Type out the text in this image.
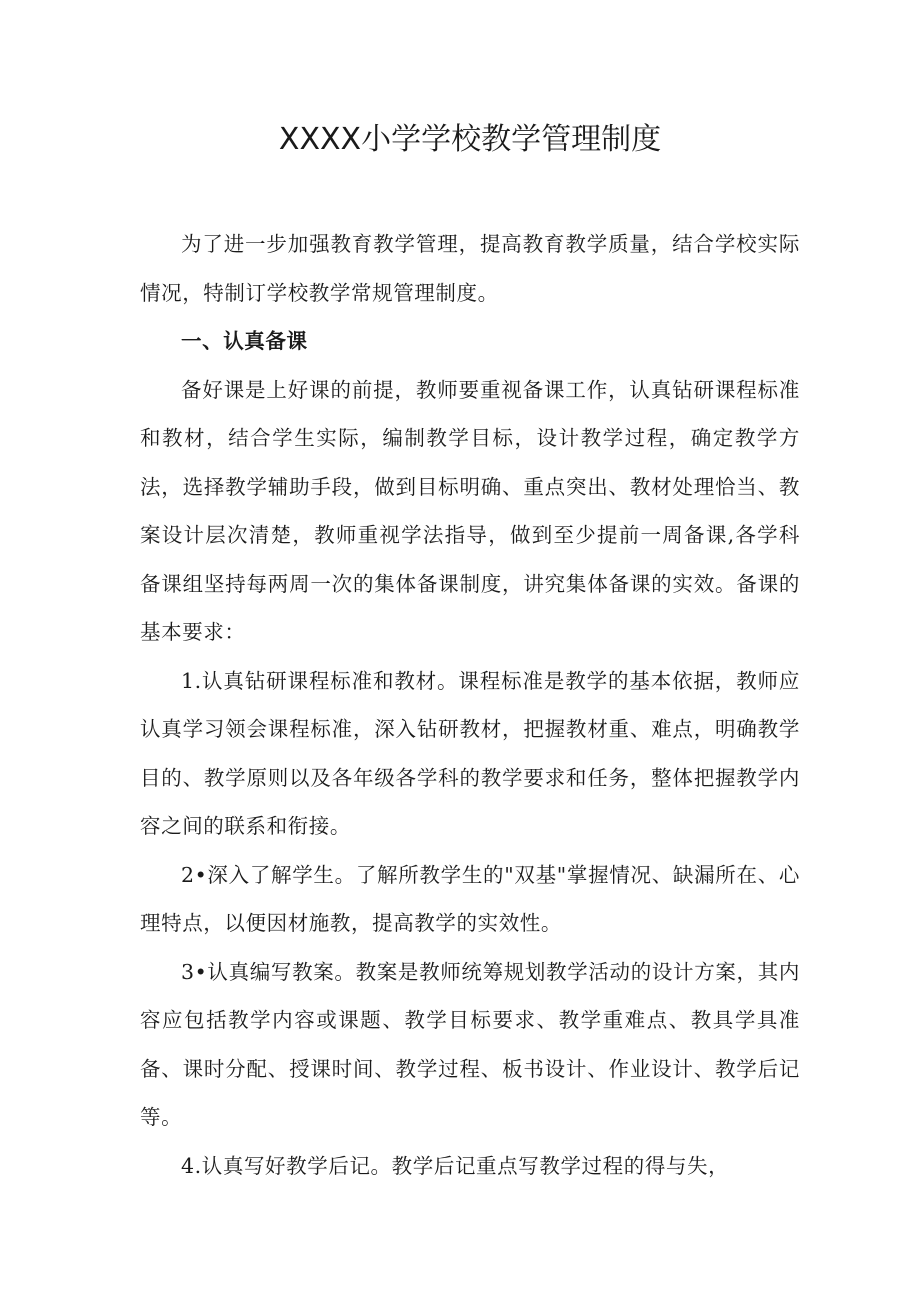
XXXX小学学校教学管理制度

为了进一步加强教育教学管理，提高教育教学质量，结合学校实际情况，特制订学校教学常规管理制度。

一、认真备课

备好课是上好课的前提，教师要重视备课工作，认真钻研课程标准和教材，结合学生实际，编制教学目标，设计教学过程，确定教学方法，选择教学辅助手段，做到目标明确、重点突出、教材处理恰当、教案设计层次清楚，教师重视学法指导，做到至少提前一周备课,各学科备课组坚持每两周一次的集体备课制度，讲究集体备课的实效。备课的基本要求：

1.认真钻研课程标准和教材。课程标准是教学的基本依据，教师应认真学习领会课程标准，深入钻研教材，把握教材重、难点，明确教学目的、教学原则以及各年级各学科的教学要求和任务，整体把握教学内容之间的联系和衔接。

2•深入了解学生。了解所教学生的"双基"掌握情况、缺漏所在、心理特点，以便因材施教，提高教学的实效性。

3•认真编写教案。教案是教师统筹规划教学活动的设计方案，其内容应包括教学内容或课题、教学目标要求、教学重难点、教具学具准备、课时分配、授课时间、教学过程、板书设计、作业设计、教学后记等。

4.认真写好教学后记。教学后记重点写教学过程的得与失，
